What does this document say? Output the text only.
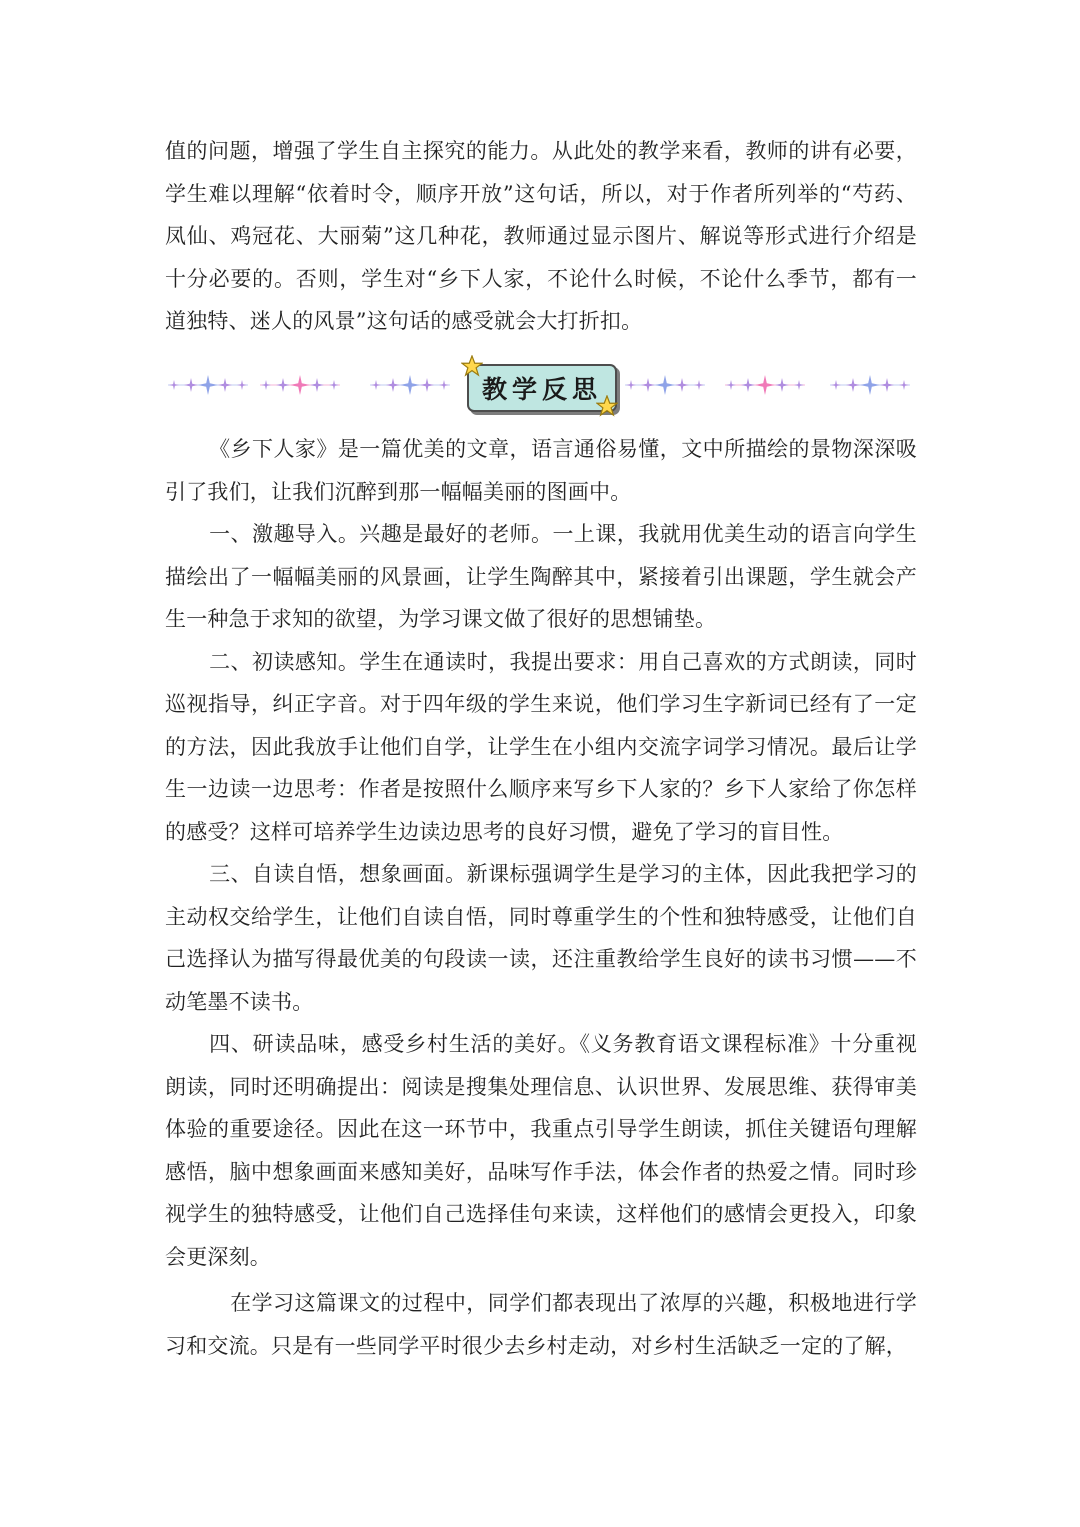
值的问题，增强了学生自主探究的能力。从此处的教学来看，教师的讲有必要，学生难以理解“依着时令，顺序开放”这句话，所以，对于作者所列举的“芍药、凤仙、鸡冠花、大丽菊”这几种花，教师通过显示图片、解说等形式进行介绍是十分必要的。否则，学生对“乡下人家，不论什么时候，不论什么季节，都有一道独特、迷人的风景”这句话的感受就会大打折扣。

教学反思

《乡下人家》是一篇优美的文章，语言通俗易懂，文中所描绘的景物深深吸引了我们，让我们沉醉到那一幅幅美丽的图画中。

一、激趣导入。兴趣是最好的老师。一上课，我就用优美生动的语言向学生描绘出了一幅幅美丽的风景画，让学生陶醉其中，紧接着引出课题，学生就会产生一种急于求知的欲望，为学习课文做了很好的思想铺垫。

二、初读感知。学生在通读时，我提出要求：用自己喜欢的方式朗读，同时巡视指导，纠正字音。对于四年级的学生来说，他们学习生字新词已经有了一定的方法，因此我放手让他们自学，让学生在小组内交流字词学习情况。最后让学生一边读一边思考：作者是按照什么顺序来写乡下人家的？乡下人家给了你怎样的感受？这样可培养学生边读边思考的良好习惯，避免了学习的盲目性。

三、自读自悟，想象画面。新课标强调学生是学习的主体，因此我把学习的主动权交给学生，让他们自读自悟，同时尊重学生的个性和独特感受，让他们自己选择认为描写得最优美的句段读一读，还注重教给学生良好的读书习惯——不动笔墨不读书。

四、研读品味，感受乡村生活的美好。《义务教育语文课程标准》十分重视朗读，同时还明确提出：阅读是搜集处理信息、认识世界、发展思维、获得审美体验的重要途径。因此在这一环节中，我重点引导学生朗读，抓住关键语句理解感悟，脑中想象画面来感知美好，品味写作手法，体会作者的热爱之情。同时珍视学生的独特感受，让他们自己选择佳句来读，这样他们的感情会更投入，印象会更深刻。

在学习这篇课文的过程中，同学们都表现出了浓厚的兴趣，积极地进行学习和交流。只是有一些同学平时很少去乡村走动，对乡村生活缺乏一定的了解，
